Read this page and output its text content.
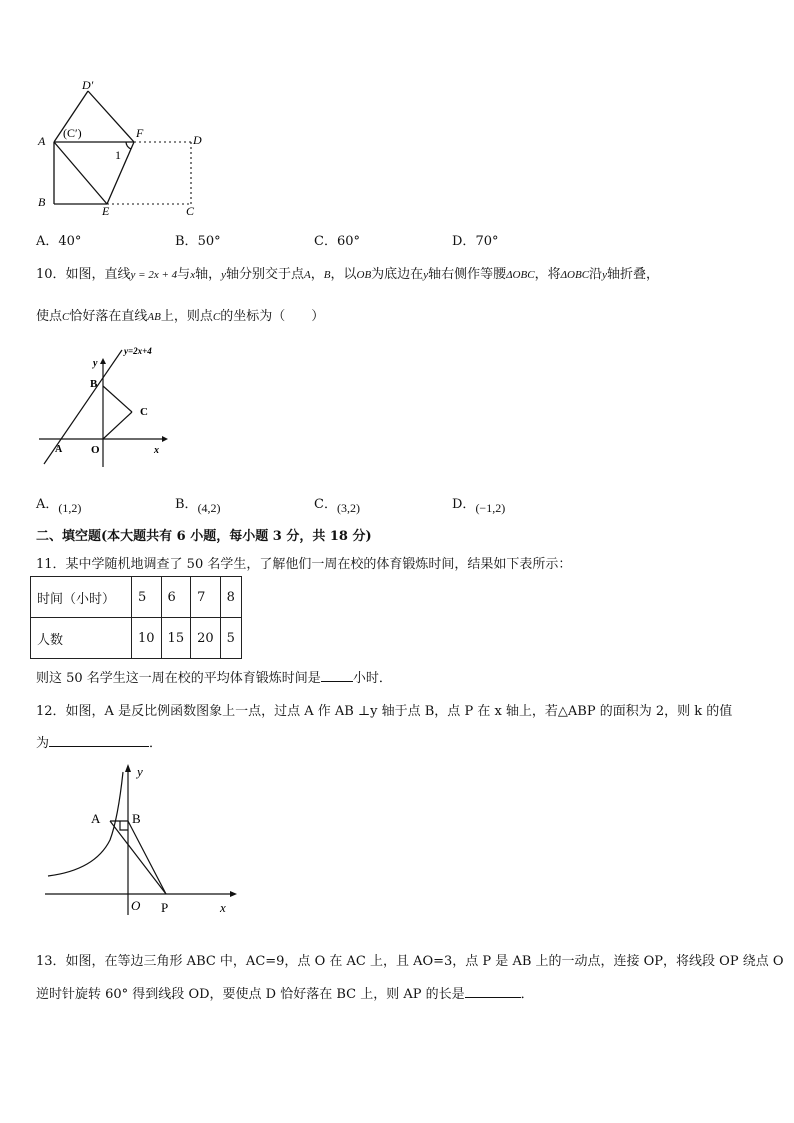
D′
A
(C′)	F	D
1
B
E	C
A．40°	B．50°	C．60°	D．70°
10．如图，直线y = 2x + 4与x轴，y轴分别交于点A，B，以OB为底边在y轴右侧作等腰ΔOBC，将ΔOBC沿y轴折叠，
使点C恰好落在直线AB上，则点C的坐标为（　　）
y=2x+4
y
B
C
A	O	x
A．(1,2)	B．(4,2)	C．(3,2)	D．(−1,2)
二、填空题(本大题共有 6 小题，每小题 3 分，共 18 分)
11．某中学随机地调查了 50 名学生，了解他们一周在校的体育锻炼时间，结果如下表所示：
时间（小时）	5	6	7	8
人数	10	15	20	5
则这 50 名学生这一周在校的平均体育锻炼时间是 小时．
12．如图，A 是反比例函数图象上一点，过点 A 作 AB ⊥y 轴于点 B，点 P 在 x 轴上，若△ABP 的面积为 2，则 k 的值
为	．
y
A B
O P	x
13．如图，在等边三角形 ABC 中，AC=9，点 O 在 AC 上，且 AO=3，点 P 是 AB 上的一动点，连接 OP，将线段 OP 绕点 O
逆时针旋转 60° 得到线段 OD，要使点 D 恰好落在 BC 上，则 AP 的长是	．
